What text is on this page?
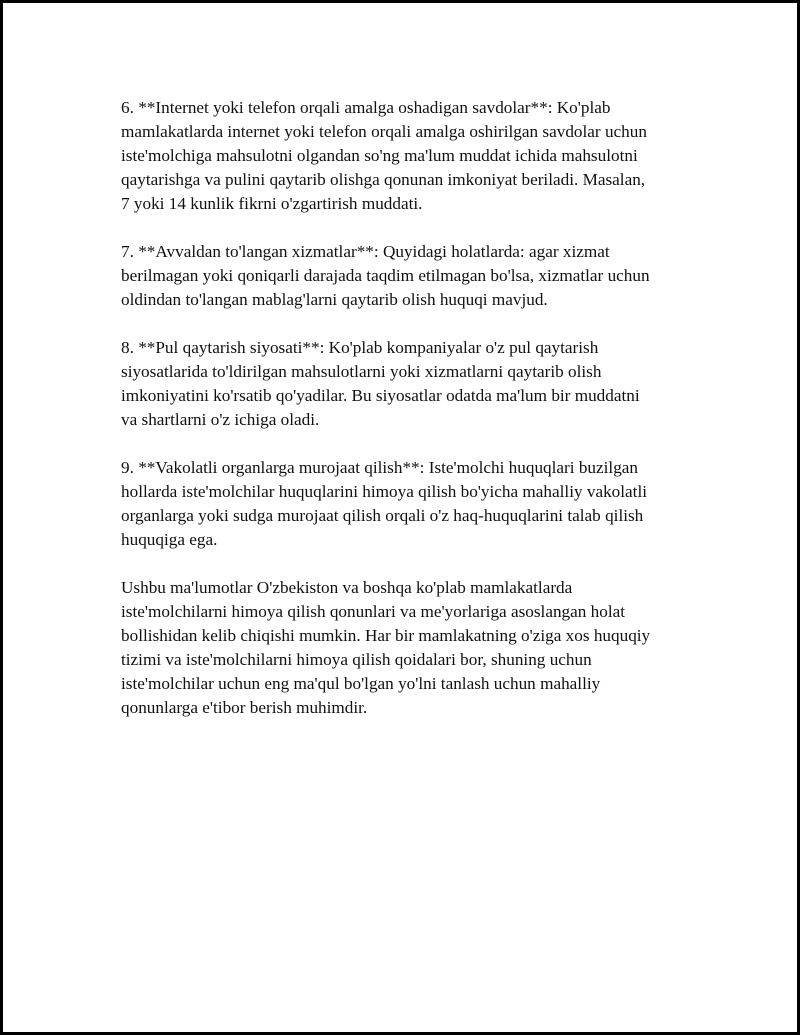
6. **Internet yoki telefon orqali amalga oshadigan savdolar**: Ko'plab
mamlakatlarda internet yoki telefon orqali amalga oshirilgan savdolar uchun
iste'molchiga mahsulotni olgandan so'ng ma'lum muddat ichida mahsulotni
qaytarishga va pulini qaytarib olishga qonunan imkoniyat beriladi. Masalan,
7 yoki 14 kunlik fikrni o'zgartirish muddati.

7. **Avvaldan to'langan xizmatlar**: Quyidagi holatlarda: agar xizmat
berilmagan yoki qoniqarli darajada taqdim etilmagan bo'lsa, xizmatlar uchun
oldindan to'langan mablag'larni qaytarib olish huquqi mavjud.

8. **Pul qaytarish siyosati**: Ko'plab kompaniyalar o'z pul qaytarish
siyosatlarida to'ldirilgan mahsulotlarni yoki xizmatlarni qaytarib olish
imkoniyatini ko'rsatib qo'yadilar. Bu siyosatlar odatda ma'lum bir muddatni
va shartlarni o'z ichiga oladi.

9. **Vakolatli organlarga murojaat qilish**: Iste'molchi huquqlari buzilgan
hollarda iste'molchilar huquqlarini himoya qilish bo'yicha mahalliy vakolatli
organlarga yoki sudga murojaat qilish orqali o'z haq-huquqlarini talab qilish
huquqiga ega.

Ushbu ma'lumotlar O'zbekiston va boshqa ko'plab mamlakatlarda
iste'molchilarni himoya qilish qonunlari va me'yorlariga asoslangan holat
bollishidan kelib chiqishi mumkin. Har bir mamlakatning o'ziga xos huquqiy
tizimi va iste'molchilarni himoya qilish qoidalari bor, shuning uchun
iste'molchilar uchun eng ma'qul bo'lgan yo'lni tanlash uchun mahalliy
qonunlarga e'tibor berish muhimdir.
